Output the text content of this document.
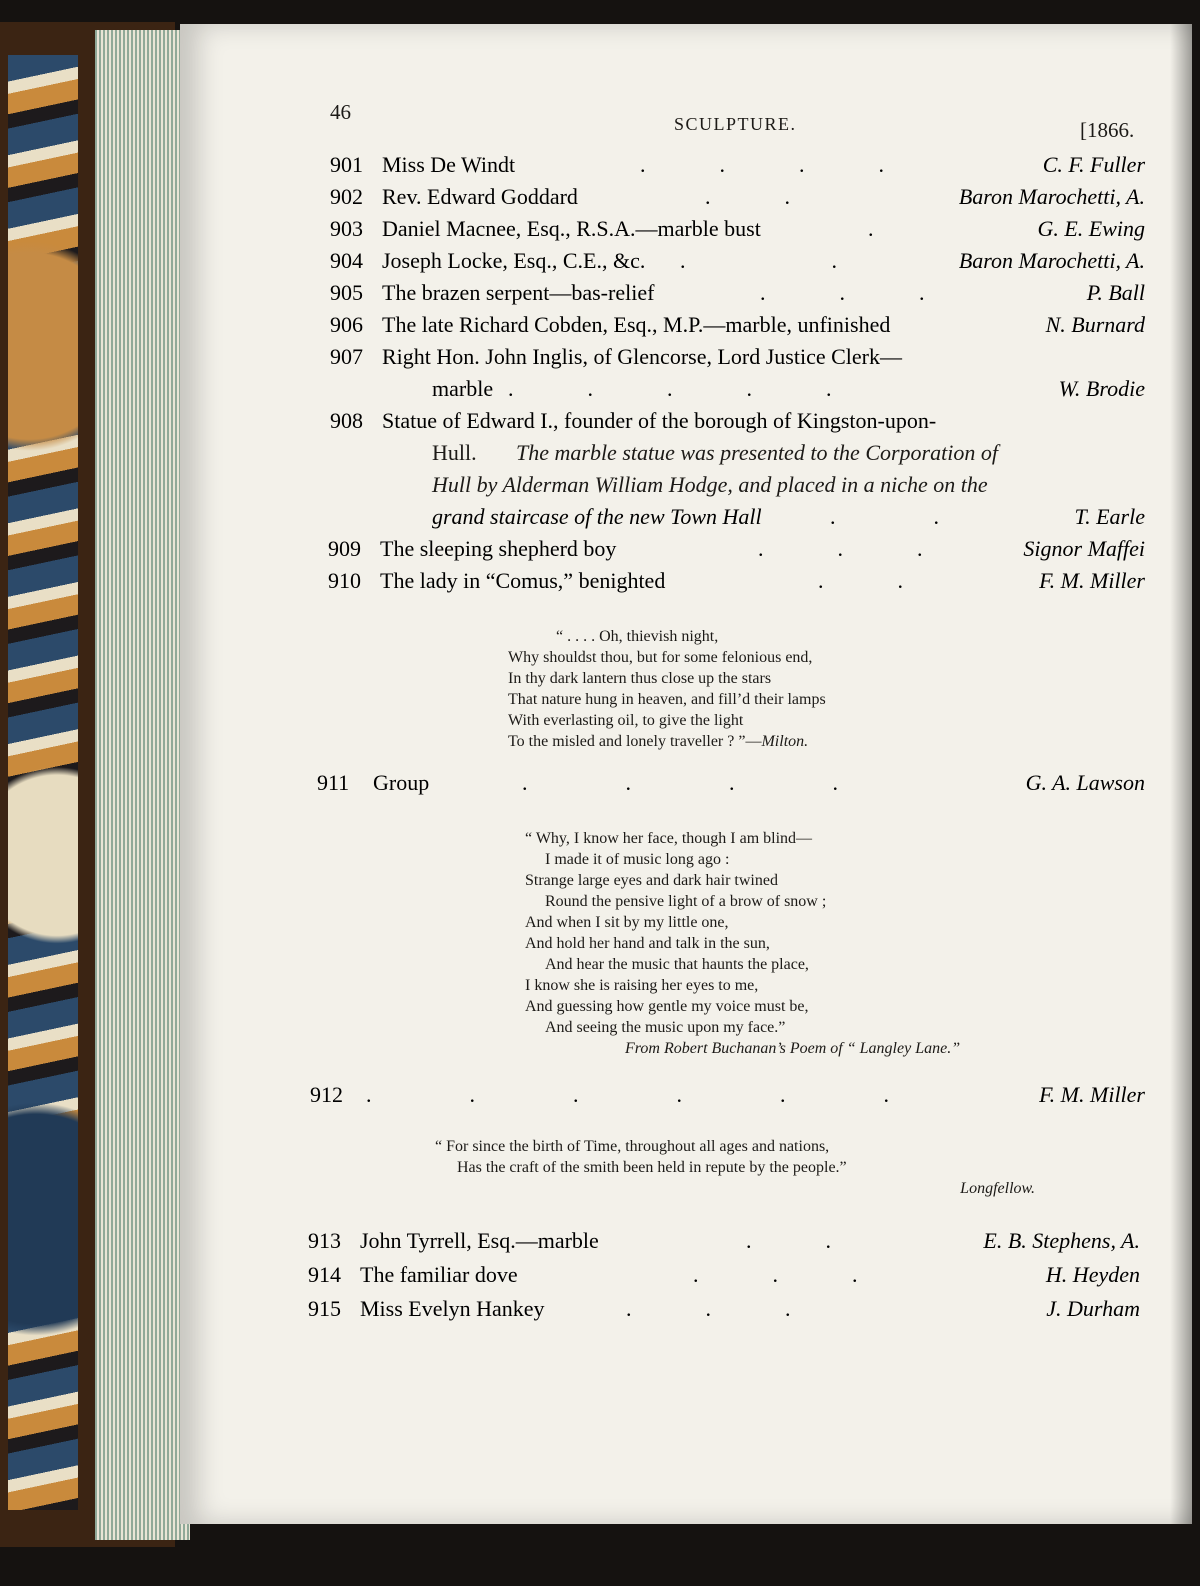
46	SCULPTURE.	[1866.
901 Miss De Windt	.   .   .   .	C. F. Fuller
902 Rev. Edward Goddard	.   .	Baron Marochetti, A.
903 Daniel Macnee, Esq., R.S.A.—marble bust	.	G. E. Ewing
904 Joseph Locke, Esq., C.E., &c. .      .	Baron Marochetti, A.
905 The brazen serpent—bas-relief	.   .   .	P. Ball
906 The late Richard Cobden, Esq., M.P.—marble, unfinished	N. Burnard
907 Right Hon. John Inglis, of Glencorse, Lord Justice Clerk—
marble .   .   .   .   .	W. Brodie
908 Statue of Edward I., founder of the borough of Kingston-upon-
Hull. The marble statue was presented to the Corporation of
Hull by Alderman William Hodge, and placed in a niche on the
grand staircase of the new Town Hall	.    .	T. Earle
909 The sleeping shepherd boy	.   .   .	Signor Maffei
910 The lady in “Comus,” benighted	.   .	F. M. Miller
“ . . . . Oh, thievish night,
Why shouldst thou, but for some felonious end,
In thy dark lantern thus close up the stars
That nature hung in heaven, and fill’d their lamps
With everlasting oil, to give the light
To the misled and lonely traveller ? ”—Milton.
911 Group	.    .    .    .	G. A. Lawson
“ Why, I know her face, though I am blind—
I made it of music long ago :
Strange large eyes and dark hair twined
Round the pensive light of a brow of snow ;
And when I sit by my little one,
And hold her hand and talk in the sun,
And hear the music that haunts the place,
I know she is raising her eyes to me,
And guessing how gentle my voice must be,
And seeing the music upon my face.”
From Robert Buchanan’s Poem of “ Langley Lane.”
912 .    .    .    .    .    .	F. M. Miller
“ For since the birth of Time, throughout all ages and nations,
Has the craft of the smith been held in repute by the people.”
Longfellow.
913 John Tyrrell, Esq.—marble	.   .	E. B. Stephens, A.
914 The familiar dove	.   .   .	H. Heyden
915 Miss Evelyn Hankey	.   .   .	J. Durham
